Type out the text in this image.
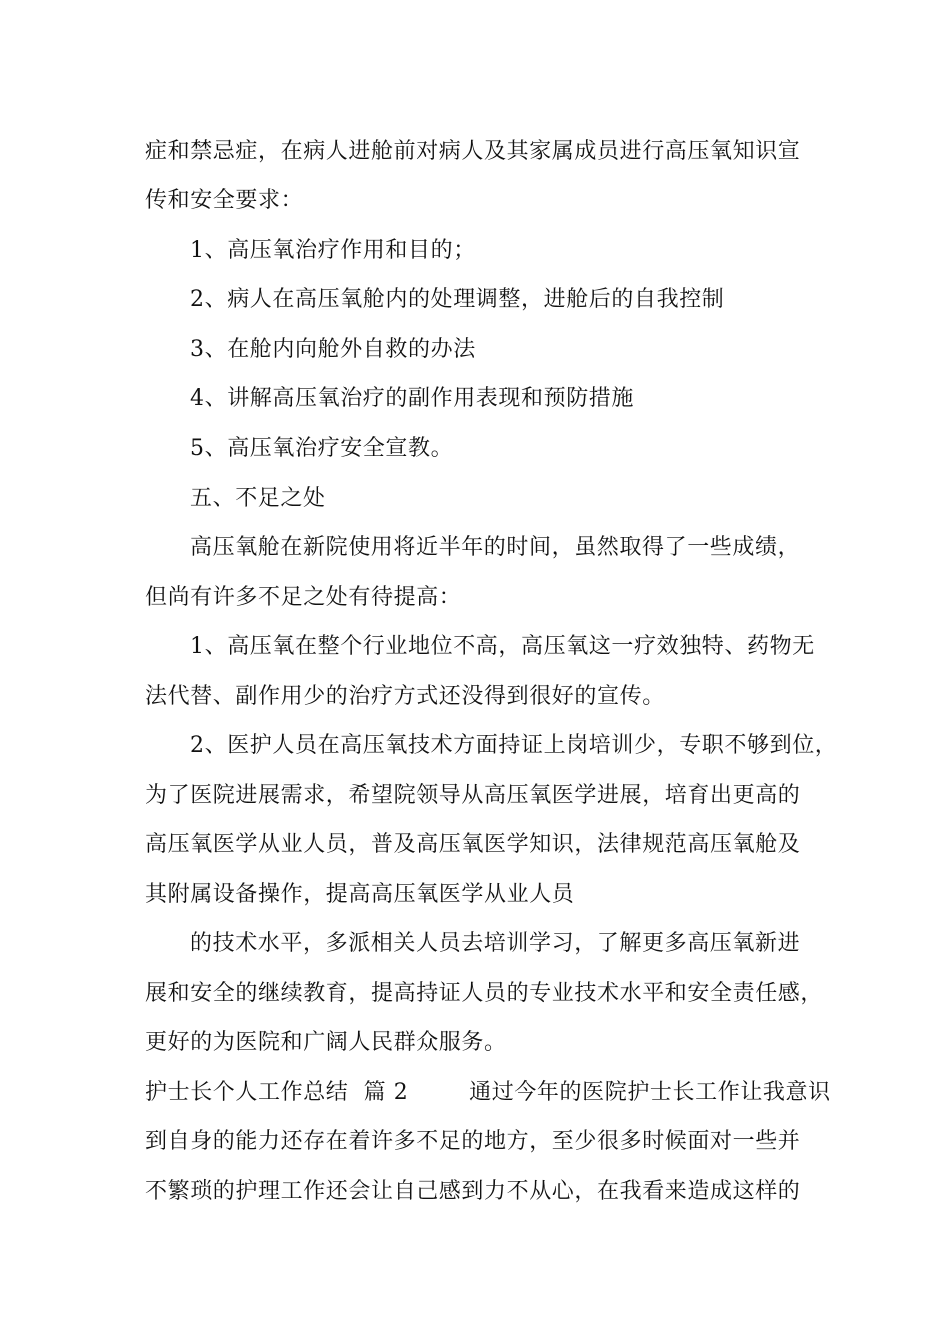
症和禁忌症，在病人进舱前对病人及其家属成员进行高压氧知识宣
传和安全要求：
1、高压氧治疗作用和目的；
2、病人在高压氧舱内的处理调整，进舱后的自我控制
3、在舱内向舱外自救的办法
4、讲解高压氧治疗的副作用表现和预防措施
5、高压氧治疗安全宣教。
五、不足之处
高压氧舱在新院使用将近半年的时间，虽然取得了一些成绩，
但尚有许多不足之处有待提高：
1、高压氧在整个行业地位不高，高压氧这一疗效独特、药物无
法代替、副作用少的治疗方式还没得到很好的宣传。
2、医护人员在高压氧技术方面持证上岗培训少，专职不够到位，
为了医院进展需求，希望院领导从高压氧医学进展，培育出更高的
高压氧医学从业人员，普及高压氧医学知识，法律规范高压氧舱及
其附属设备操作，提高高压氧医学从业人员
的技术水平，多派相关人员去培训学习，了解更多高压氧新进
展和安全的继续教育，提高持证人员的专业技术水平和安全责任感，
更好的为医院和广阔人民群众服务。
护士长个人工作总结  篇 2        通过今年的医院护士长工作让我意识
到自身的能力还存在着许多不足的地方，至少很多时候面对一些并
不繁琐的护理工作还会让自己感到力不从心，在我看来造成这样的
